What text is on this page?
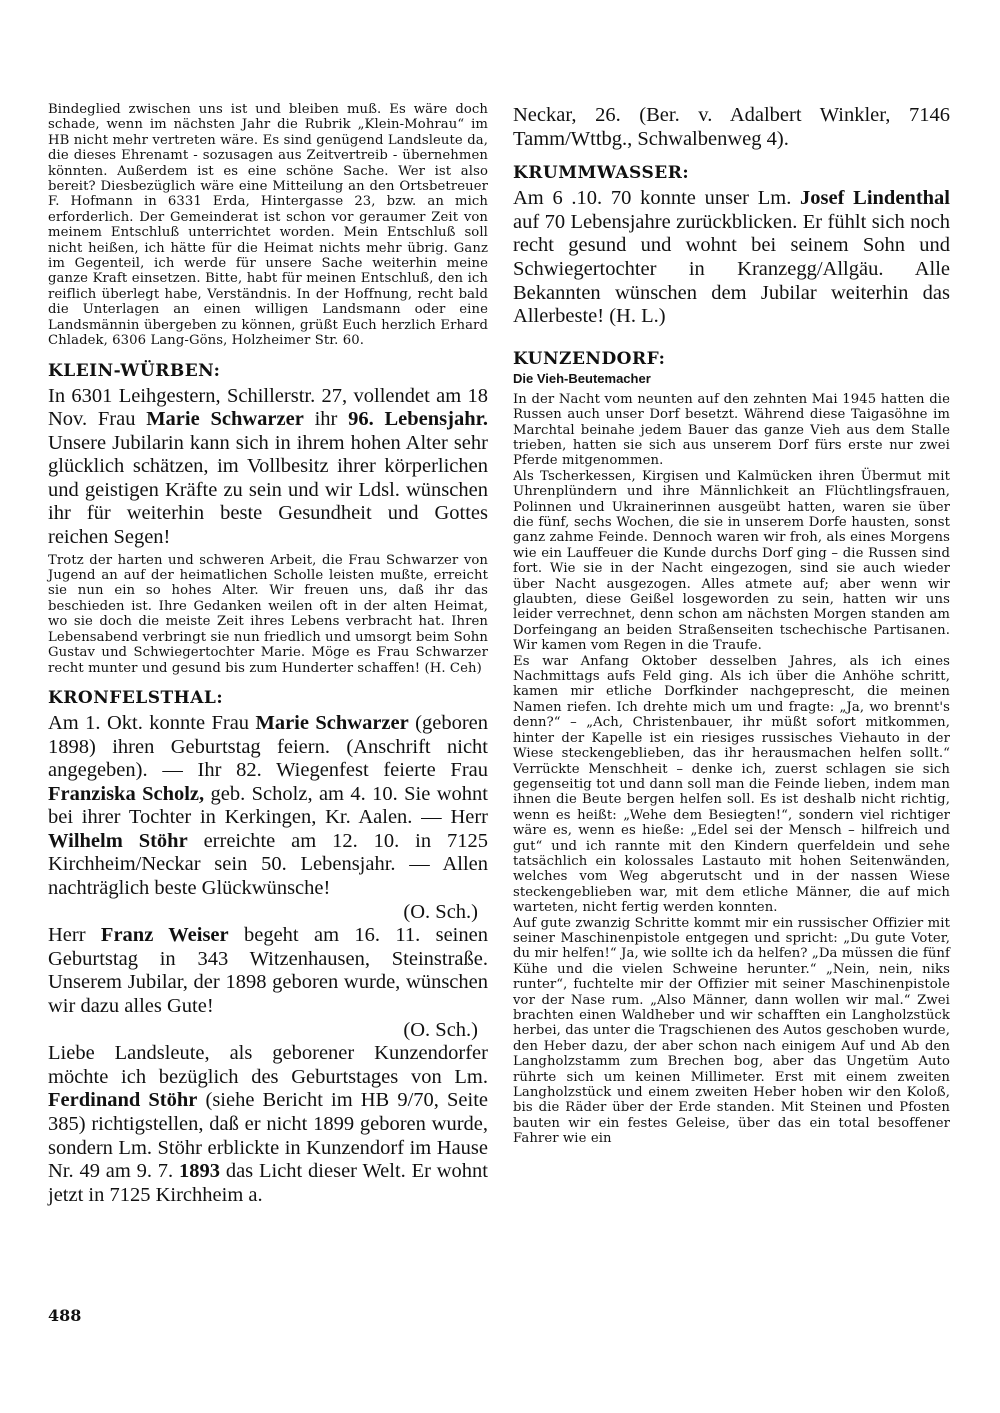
Bindeglied zwischen uns ist und bleiben muß. Es wäre doch schade, wenn im nächsten Jahr die Rubrik „Klein-Mohrau“ im HB nicht mehr vertreten wäre. Es sind genügend Landsleute da, die dieses Ehrenamt - sozusagen aus Zeitvertreib - übernehmen könnten. Außerdem ist es eine schöne Sache. Wer ist also bereit? Diesbezüglich wäre eine Mitteilung an den Ortsbetreuer F. Hofmann in 6331 Erda, Hintergasse 23, bzw. an mich erforderlich. Der Gemeinderat ist schon vor geraumer Zeit von meinem Entschluß unterrichtet worden. Mein Entschluß soll nicht heißen, ich hätte für die Heimat nichts mehr übrig. Ganz im Gegenteil, ich werde für unsere Sache weiterhin meine ganze Kraft einsetzen. Bitte, habt für meinen Entschluß, den ich reiflich überlegt habe, Verständnis. In der Hoffnung, recht bald die Unterlagen an einen willigen Landsmann oder eine Landsmännin übergeben zu können, grüßt Euch herzlich Erhard Chladek, 6306 Lang-Göns, Holzheimer Str. 60.

KLEIN-WÜRBEN:

In 6301 Leihgestern, Schillerstr. 27, vollendet am 18 Nov. Frau Marie Schwarzer ihr 96. Lebensjahr. Unsere Jubilarin kann sich in ihrem hohen Alter sehr glücklich schätzen, im Vollbesitz ihrer körperlichen und geistigen Kräfte zu sein und wir Ldsl. wünschen ihr für weiterhin beste Gesundheit und Gottes reichen Segen!

Trotz der harten und schweren Arbeit, die Frau Schwarzer von Jugend an auf der heimatlichen Scholle leisten mußte, erreicht sie nun ein so hohes Alter. Wir freuen uns, daß ihr das beschieden ist. Ihre Gedanken weilen oft in der alten Heimat, wo sie doch die meiste Zeit ihres Lebens verbracht hat. Ihren Lebensabend verbringt sie nun friedlich und umsorgt beim Sohn Gustav und Schwiegertochter Marie. Möge es Frau Schwarzer recht munter und gesund bis zum Hunderter schaffen! (H. Ceh)

KRONFELSTHAL:

Am 1. Okt. konnte Frau Marie Schwarzer (geboren 1898) ihren Geburtstag feiern. (Anschrift nicht angegeben). — Ihr 82. Wiegenfest feierte Frau Franziska Scholz, geb. Scholz, am 4. 10. Sie wohnt bei ihrer Tochter in Kerkingen, Kr. Aalen. — Herr Wilhelm Stöhr erreichte am 12. 10. in 7125 Kirchheim/Neckar sein 50. Lebensjahr. — Allen nachträglich beste Glückwünsche!

(O. Sch.)

Herr Franz Weiser begeht am 16. 11. seinen Geburtstag in 343 Witzenhausen, Steinstraße. Unserem Jubilar, der 1898 geboren wurde, wünschen wir dazu alles Gute!

(O. Sch.)

Liebe Landsleute, als geborener Kunzendorfer möchte ich bezüglich des Geburtstages von Lm. Ferdinand Stöhr (siehe Bericht im HB 9/70, Seite 385) richtigstellen, daß er nicht 1899 geboren wurde, sondern Lm. Stöhr erblickte in Kunzendorf im Hause Nr. 49 am 9. 7. 1893 das Licht dieser Welt. Er wohnt jetzt in 7125 Kirchheim a.

Neckar, 26. (Ber. v. Adalbert Winkler, 7146 Tamm/Wttbg., Schwalbenweg 4).

KRUMMWASSER:

Am 6 .10. 70 konnte unser Lm. Josef Lindenthal auf 70 Lebensjahre zurückblicken. Er fühlt sich noch recht gesund und wohnt bei seinem Sohn und Schwiegertochter in Kranzegg/Allgäu. Alle Bekannten wünschen dem Jubilar weiterhin das Allerbeste! (H. L.)

KUNZENDORF:

Die Vieh-Beutemacher

In der Nacht vom neunten auf den zehnten Mai 1945 hatten die Russen auch unser Dorf besetzt. Während diese Taigasöhne im Marchtal beinahe jedem Bauer das ganze Vieh aus dem Stalle trieben, hatten sie sich aus unserem Dorf fürs erste nur zwei Pferde mitgenommen.

Als Tscherkessen, Kirgisen und Kalmücken ihren Übermut mit Uhrenplündern und ihre Männlichkeit an Flüchtlingsfrauen, Polinnen und Ukrainerinnen ausgeübt hatten, waren sie über die fünf, sechs Wochen, die sie in unserem Dorfe hausten, sonst ganz zahme Feinde. Dennoch waren wir froh, als eines Morgens wie ein Lauffeuer die Kunde durchs Dorf ging – die Russen sind fort. Wie sie in der Nacht eingezogen, sind sie auch wieder über Nacht ausgezogen. Alles atmete auf; aber wenn wir glaubten, diese Geißel losgeworden zu sein, hatten wir uns leider verrechnet, denn schon am nächsten Morgen standen am Dorfeingang an beiden Straßenseiten tschechische Partisanen. Wir kamen vom Regen in die Traufe.

Es war Anfang Oktober desselben Jahres, als ich eines Nachmittags aufs Feld ging. Als ich über die Anhöhe schritt, kamen mir etliche Dorfkinder nachgeprescht, die meinen Namen riefen. Ich drehte mich um und fragte: „Ja, wo brennt's denn?“ – „Ach, Christenbauer, ihr müßt sofort mitkommen, hinter der Kapelle ist ein riesiges russisches Viehauto in der Wiese steckengeblieben, das ihr herausmachen helfen sollt.“ Verrückte Menschheit – denke ich, zuerst schlagen sie sich gegenseitig tot und dann soll man die Feinde lieben, indem man ihnen die Beute bergen helfen soll. Es ist deshalb nicht richtig, wenn es heißt: „Wehe dem Besiegten!“, sondern viel richtiger wäre es, wenn es hieße: „Edel sei der Mensch – hilfreich und gut“ und ich rannte mit den Kindern querfeldein und sehe tatsächlich ein kolossales Lastauto mit hohen Seitenwänden, welches vom Weg abgerutscht und in der nassen Wiese steckengeblieben war, mit dem etliche Männer, die auf mich warteten, nicht fertig werden konnten.

Auf gute zwanzig Schritte kommt mir ein russischer Offizier mit seiner Maschinenpistole entgegen und spricht: „Du gute Voter, du mir helfen!“ Ja, wie sollte ich da helfen? „Da müssen die fünf Kühe und die vielen Schweine herunter.“ „Nein, nein, niks runter“, fuchtelte mir der Offizier mit seiner Maschinenpistole vor der Nase rum. „Also Männer, dann wollen wir mal.“ Zwei brachten einen Waldheber und wir schafften ein Langholzstück herbei, das unter die Tragschienen des Autos geschoben wurde, den Heber dazu, der aber schon nach einigem Auf und Ab den Langholzstamm zum Brechen bog, aber das Ungetüm Auto rührte sich um keinen Millimeter. Erst mit einem zweiten Langholzstück und einem zweiten Heber hoben wir den Koloß, bis die Räder über der Erde standen. Mit Steinen und Pfosten bauten wir ein festes Geleise, über das ein total besoffener Fahrer wie ein

488
